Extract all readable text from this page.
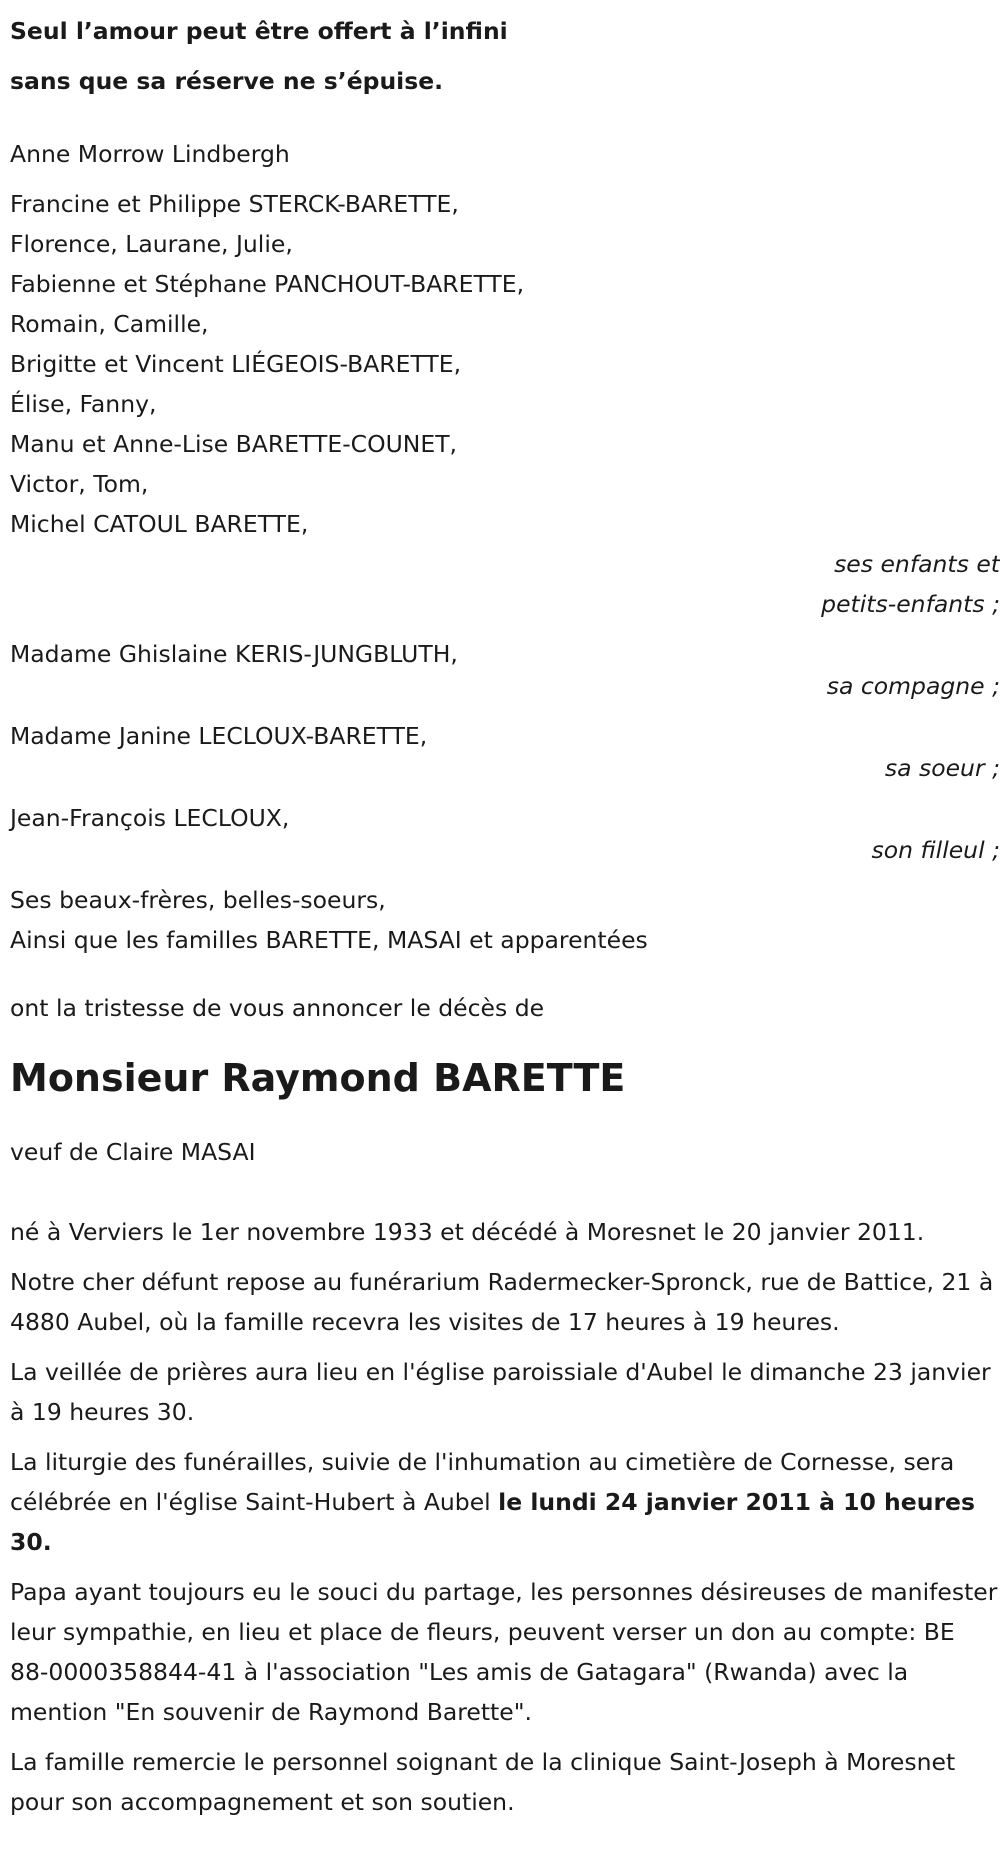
Seul l’amour peut être offert à l’infini

sans que sa réserve ne s’épuise.

Anne Morrow Lindbergh

Francine et Philippe STERCK-BARETTE,

Florence, Laurane, Julie,

Fabienne et Stéphane PANCHOUT-BARETTE,

Romain, Camille,

Brigitte et Vincent LIÉGEOIS-BARETTE,

Élise, Fanny,

Manu et Anne-Lise BARETTE-COUNET,

Victor, Tom,

Michel CATOUL BARETTE,

ses enfants et
petits-enfants ;
Madame Ghislaine KERIS-JUNGBLUTH,
sa compagne ;
Madame Janine LECLOUX-BARETTE,
sa soeur ;
Jean-François LECLOUX,
son filleul ;

Ses beaux-frères, belles-soeurs,

Ainsi que les familles BARETTE, MASAI et apparentées

ont la tristesse de vous annoncer le décès de

Monsieur Raymond BARETTE

veuf de Claire MASAI

né à Verviers le 1er novembre 1933 et décédé à Moresnet le 20 janvier 2011.

Notre cher défunt repose au funérarium Radermecker-Spronck, rue de Battice, 21 à 4880 Aubel, où la famille recevra les visites de 17 heures à 19 heures.

La veillée de prières aura lieu en l'église paroissiale d'Aubel le dimanche 23 janvier à 19 heures 30.

La liturgie des funérailles, suivie de l'inhumation au cimetière de Cornesse, sera célébrée en l'église Saint-Hubert à Aubel le lundi 24 janvier 2011 à 10 heures 30.

Papa ayant toujours eu le souci du partage, les personnes désireuses de manifester leur sympathie, en lieu et place de fleurs, peuvent verser un don au compte: BE 88-0000358844-41 à l'association "Les amis de Gatagara" (Rwanda) avec la mention "En souvenir de Raymond Barette".

La famille remercie le personnel soignant de la clinique Saint-Joseph à Moresnet pour son accompagnement et son soutien.
